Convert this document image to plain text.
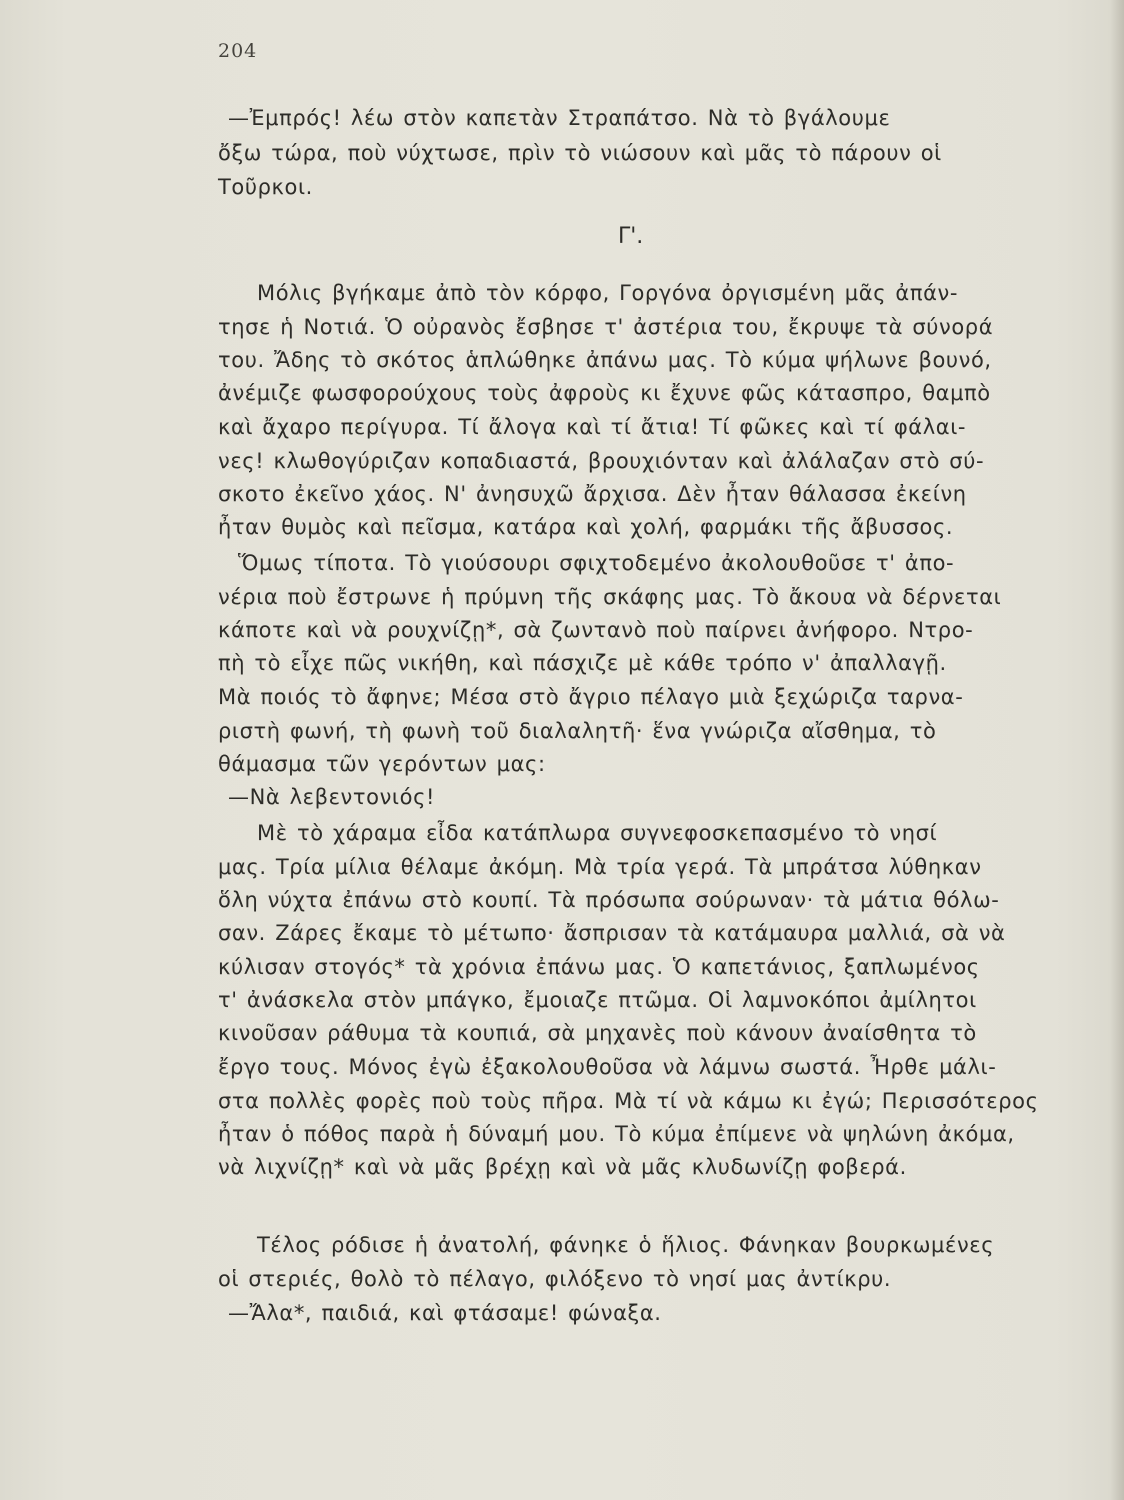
204
—Ἐμπρός! λέω στὸν καπετὰν Στραπάτσο. Νὰ τὸ βγάλουμε
ὄξω τώρα, ποὺ νύχτωσε, πρὶν τὸ νιώσουν καὶ μᾶς τὸ πάρουν οἱ
Τοῦρκοι.
Γ'.
Μόλις βγήκαμε ἀπὸ τὸν κόρφο, Γοργόνα ὀργισμένη μᾶς ἀπάν-
τησε ἡ Νοτιά. Ὁ οὐρανὸς ἔσβησε τ' ἀστέρια του, ἔκρυψε τὰ σύνορά
του. Ἄδης τὸ σκότος ἁπλώθηκε ἀπάνω μας. Τὸ κύμα ψήλωνε βουνό,
ἀνέμιζε φωσφορούχους τοὺς ἀφροὺς κι ἔχυνε φῶς κάτασπρο, θαμπὸ
καὶ ἄχαρο περίγυρα. Τί ἄλογα καὶ τί ἄτια! Τί φῶκες καὶ τί φάλαι-
νες! κλωθογύριζαν κοπαδιαστά, βρουχιόνταν καὶ ἀλάλαζαν στὸ σύ-
σκοτο ἐκεῖνο χάος. Ν' ἀνησυχῶ ἄρχισα. Δὲν ἦταν θάλασσα ἐκείνη
ἦταν θυμὸς καὶ πεῖσμα, κατάρα καὶ χολή, φαρμάκι τῆς ἄβυσσος.
Ὅμως τίποτα. Τὸ γιούσουρι σφιχτοδεμένο ἀκολουθοῦσε τ' ἀπο-
νέρια ποὺ ἔστρωνε ἡ πρύμνη τῆς σκάφης μας. Τὸ ἄκουα νὰ δέρνεται
κάποτε καὶ νὰ ρουχνίζῃ*, σὰ ζωντανὸ ποὺ παίρνει ἀνήφορο. Ντρο-
πὴ τὸ εἶχε πῶς νικήθη, καὶ πάσχιζε μὲ κάθε τρόπο ν' ἀπαλλαγῇ.
Μὰ ποιός τὸ ἄφηνε; Μέσα στὸ ἄγριο πέλαγο μιὰ ξεχώριζα ταρνα-
ριστὴ φωνή, τὴ φωνὴ τοῦ διαλαλητῆ· ἕνα γνώριζα αἴσθημα, τὸ
θάμασμα τῶν γερόντων μας:
—Νὰ λεβεντονιός!
Μὲ τὸ χάραμα εἶδα κατάπλωρα συγνεφοσκεπασμένο τὸ νησί
μας. Τρία μίλια θέλαμε ἀκόμη. Μὰ τρία γερά. Τὰ μπράτσα λύθηκαν
ὅλη νύχτα ἐπάνω στὸ κουπί. Τὰ πρόσωπα σούρωναν· τὰ μάτια θόλω-
σαν. Ζάρες ἔκαμε τὸ μέτωπο· ἄσπρισαν τὰ κατάμαυρα μαλλιά, σὰ νὰ
κύλισαν στογός* τὰ χρόνια ἐπάνω μας. Ὁ καπετάνιος, ξαπλωμένος
τ' ἀνάσκελα στὸν μπάγκο, ἔμοιαζε πτῶμα. Οἱ λαμνοκόποι ἀμίλητοι
κινοῦσαν ράθυμα τὰ κουπιά, σὰ μηχανὲς ποὺ κάνουν ἀναίσθητα τὸ
ἔργο τους. Μόνος ἐγὼ ἐξακολουθοῦσα νὰ λάμνω σωστά. Ἦρθε μάλι-
στα πολλὲς φορὲς ποὺ τοὺς πῆρα. Μὰ τί νὰ κάμω κι ἐγώ; Περισσότερος
ἦταν ὁ πόθος παρὰ ἡ δύναμή μου. Τὸ κύμα ἐπίμενε νὰ ψηλώνη ἀκόμα,
νὰ λιχνίζῃ* καὶ νὰ μᾶς βρέχῃ καὶ νὰ μᾶς κλυδωνίζῃ φοβερά.
Τέλος ρόδισε ἡ ἀνατολή, φάνηκε ὁ ἥλιος. Φάνηκαν βουρκωμένες
οἱ στεριές, θολὸ τὸ πέλαγο, φιλόξενο τὸ νησί μας ἀντίκρυ.
—Ἄλα*, παιδιά, καὶ φτάσαμε! φώναξα.
